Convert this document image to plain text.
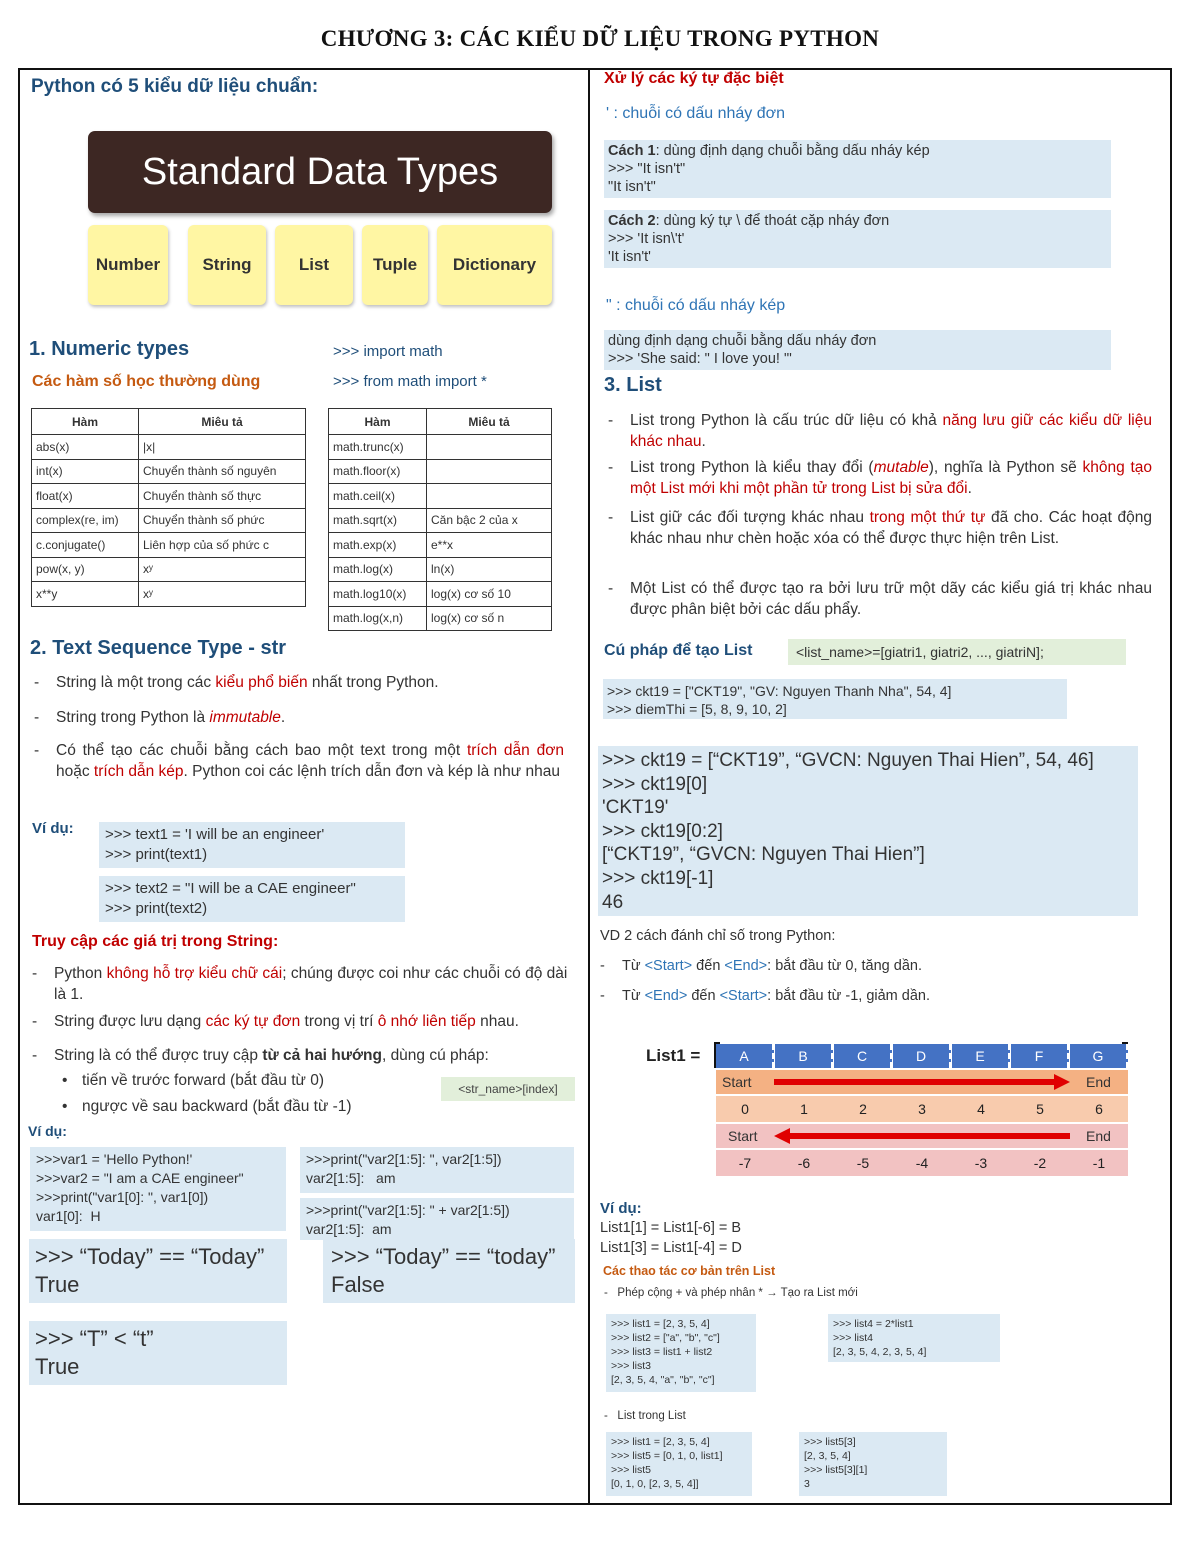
CHƯƠNG 3: CÁC KIỂU DỮ LIỆU TRONG PYTHON
Python có 5 kiểu dữ liệu chuẩn:
Standard Data Types
Number	String	List	Tuple	Dictionary
1. Numeric types
Các hàm số học thường dùng
>>> import math
>>> from math import *
Hàm	Miêu tả
abs(x)	|x|
int(x)	Chuyển thành số nguyên
float(x)	Chuyển thành số thực
complex(re, im)	Chuyển thành số phức
c.conjugate()	Liên hợp của số phức c
pow(x, y)	xʸ
x**y	xʸ
Hàm	Miêu tả
math.trunc(x)	
math.floor(x)	
math.ceil(x)	
math.sqrt(x)	Căn bậc 2 của x
math.exp(x)	e**x
math.log(x)	ln(x)
math.log10(x)	log(x) cơ số 10
math.log(x,n)	log(x) cơ số n
2. Text Sequence Type - str
- String là một trong các kiểu phổ biến nhất trong Python.
- String trong Python là immutable.
- Có thể tạo các chuỗi bằng cách bao một text trong một trích dẫn đơn hoặc trích dẫn kép. Python coi các lệnh trích dẫn đơn và kép là như nhau
Ví dụ: >>> text1 = 'I will be an engineer'
>>> print(text1)
>>> text2 = "I will be a CAE engineer"
>>> print(text2)
Truy cập các giá trị trong String:
- Python không hỗ trợ kiểu chữ cái; chúng được coi như các chuỗi có độ dài là 1.
- String được lưu dạng các ký tự đơn trong vị trí ô nhớ liên tiếp nhau.
- String là có thể được truy cập từ cả hai hướng, dùng cú pháp:
• tiến về trước forward (bắt đầu từ 0)
• ngược về sau backward (bắt đầu từ -1)
<str_name>[index]
Ví dụ:
>>>var1 = 'Hello Python!'
>>>var2 = "I am a CAE engineer"
>>>print("var1[0]: ", var1[0])
var1[0]:  H
>>>print("var2[1:5]: ", var2[1:5])
var2[1:5]:   am
>>>print("var2[1:5]: " + var2[1:5])
var2[1:5]:  am
>>> “Today” == “Today”
True
>>> “Today” == “today”
False
>>> “T” < “t”
True
Xử lý các ký tự đặc biệt
' : chuỗi có dấu nháy đơn
Cách 1: dùng định dạng chuỗi bằng dấu nháy kép
>>> "It isn't"
"It isn't"
Cách 2: dùng ký tự \ để thoát cặp nháy đơn
>>> 'It isn\'t'
'It isn't'
" : chuỗi có dấu nháy kép
dùng định dạng chuỗi bằng dấu nháy đơn
>>> 'She said: " I love you! "'
3. List
- List trong Python là cấu trúc dữ liệu có khả năng lưu giữ các kiểu dữ liệu khác nhau.
- List trong Python là kiểu thay đổi (mutable), nghĩa là Python sẽ không tạo một List mới khi một phần tử trong List bị sửa đổi.
- List giữ các đối tượng khác nhau trong một thứ tự đã cho. Các hoạt động khác nhau như chèn hoặc xóa có thể được thực hiện trên List.
- Một List có thể được tạo ra bởi lưu trữ một dãy các kiểu giá trị khác nhau được phân biệt bởi các dấu phẩy.
Cú pháp để tạo List	<list_name>=[giatri1, giatri2, ..., giatriN];
>>> ckt19 = ["CKT19", "GV: Nguyen Thanh Nha", 54, 4]
>>> diemThi = [5, 8, 9, 10, 2]
>>> ckt19 = [“CKT19”, “GVCN: Nguyen Thai Hien”, 54, 46]
>>> ckt19[0]
'CKT19'
>>> ckt19[0:2]
[“CKT19”, “GVCN: Nguyen Thai Hien”]
>>> ckt19[-1]
46
VD 2 cách đánh chỉ số trong Python:
- Từ <Start> đến <End>: bắt đầu từ 0, tăng dần.
- Từ <End> đến <Start>: bắt đầu từ -1, giảm dần.
List1 =	A	B	C	D	E	F	G
Start	End
0	1	2	3	4	5	6
Start	End
-7	-6	-5	-4	-3	-2	-1
Ví dụ:
List1[1] = List1[-6] = B
List1[3] = List1[-4] = D
Các thao tác cơ bản trên List
-   Phép cộng + và phép nhân * → Tạo ra List mới
>>> list1 = [2, 3, 5, 4]
>>> list2 = ["a", "b", "c"]
>>> list3 = list1 + list2
>>> list3
[2, 3, 5, 4, "a", "b", "c"]
>>> list4 = 2*list1
>>> list4
[2, 3, 5, 4, 2, 3, 5, 4]
-   List trong List
>>> list1 = [2, 3, 5, 4]
>>> list5 = [0, 1, 0, list1]
>>> list5
[0, 1, 0, [2, 3, 5, 4]]
>>> list5[3]
[2, 3, 5, 4]
>>> list5[3][1]
3
